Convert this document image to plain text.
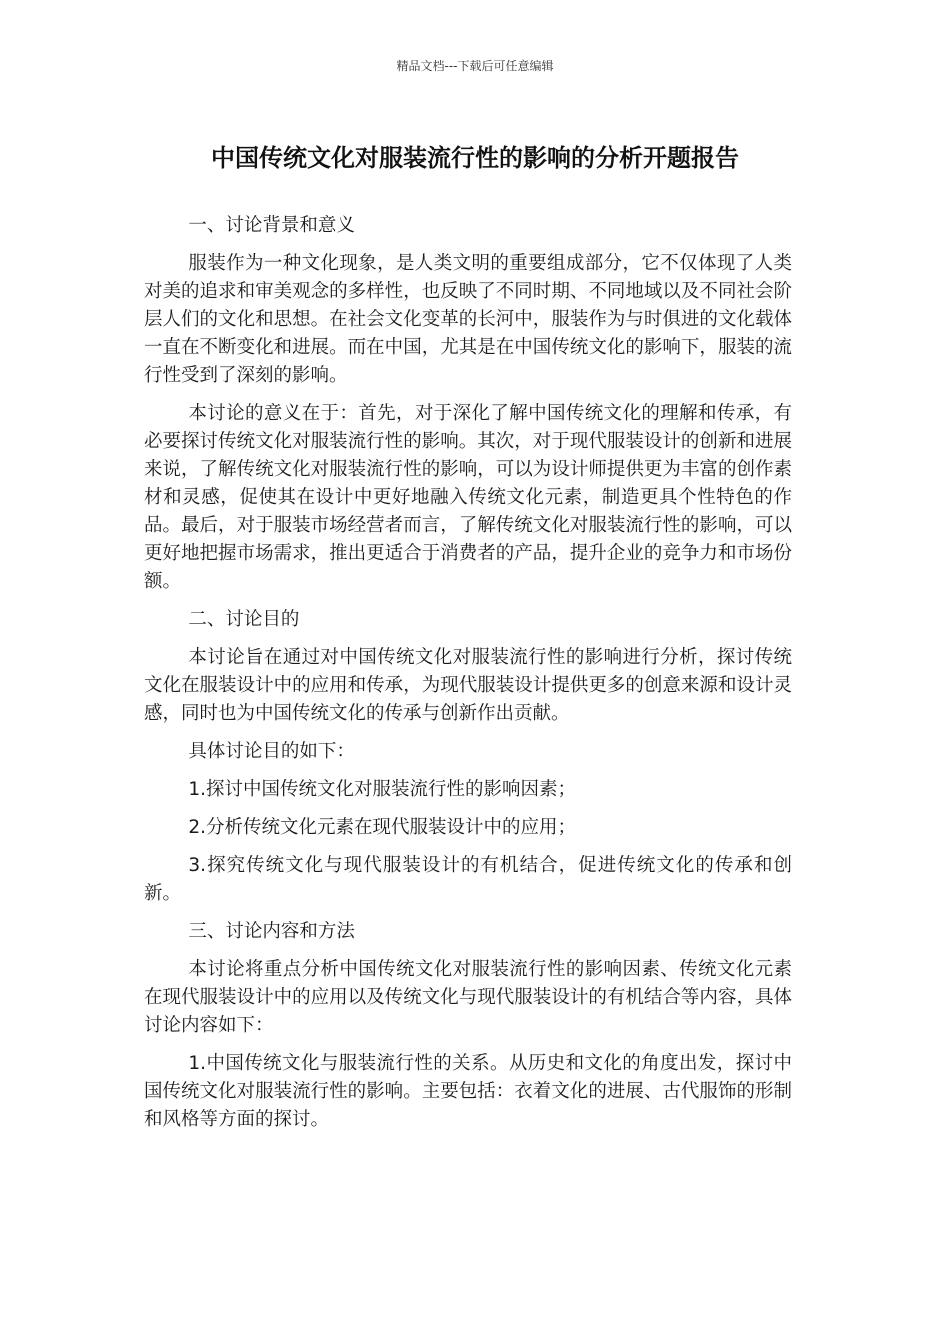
精品文档---下载后可任意编辑
中国传统文化对服装流行性的影响的分析开题报告

一、讨论背景和意义

服装作为一种文化现象，是人类文明的重要组成部分，它不仅体现了人类对美的追求和审美观念的多样性，也反映了不同时期、不同地域以及不同社会阶层人们的文化和思想。在社会文化变革的长河中，服装作为与时俱进的文化载体一直在不断变化和进展。而在中国，尤其是在中国传统文化的影响下，服装的流行性受到了深刻的影响。

本讨论的意义在于：首先，对于深化了解中国传统文化的理解和传承，有必要探讨传统文化对服装流行性的影响。其次，对于现代服装设计的创新和进展来说，了解传统文化对服装流行性的影响，可以为设计师提供更为丰富的创作素材和灵感，促使其在设计中更好地融入传统文化元素，制造更具个性特色的作品。最后，对于服装市场经营者而言，了解传统文化对服装流行性的影响，可以更好地把握市场需求，推出更适合于消费者的产品，提升企业的竞争力和市场份额。

二、讨论目的

本讨论旨在通过对中国传统文化对服装流行性的影响进行分析，探讨传统文化在服装设计中的应用和传承，为现代服装设计提供更多的创意来源和设计灵感，同时也为中国传统文化的传承与创新作出贡献。

具体讨论目的如下：

1.探讨中国传统文化对服装流行性的影响因素；

2.分析传统文化元素在现代服装设计中的应用；

3.探究传统文化与现代服装设计的有机结合，促进传统文化的传承和创新。

三、讨论内容和方法

本讨论将重点分析中国传统文化对服装流行性的影响因素、传统文化元素在现代服装设计中的应用以及传统文化与现代服装设计的有机结合等内容，具体讨论内容如下：

1.中国传统文化与服装流行性的关系。从历史和文化的角度出发，探讨中国传统文化对服装流行性的影响。主要包括：衣着文化的进展、古代服饰的形制和风格等方面的探讨。
